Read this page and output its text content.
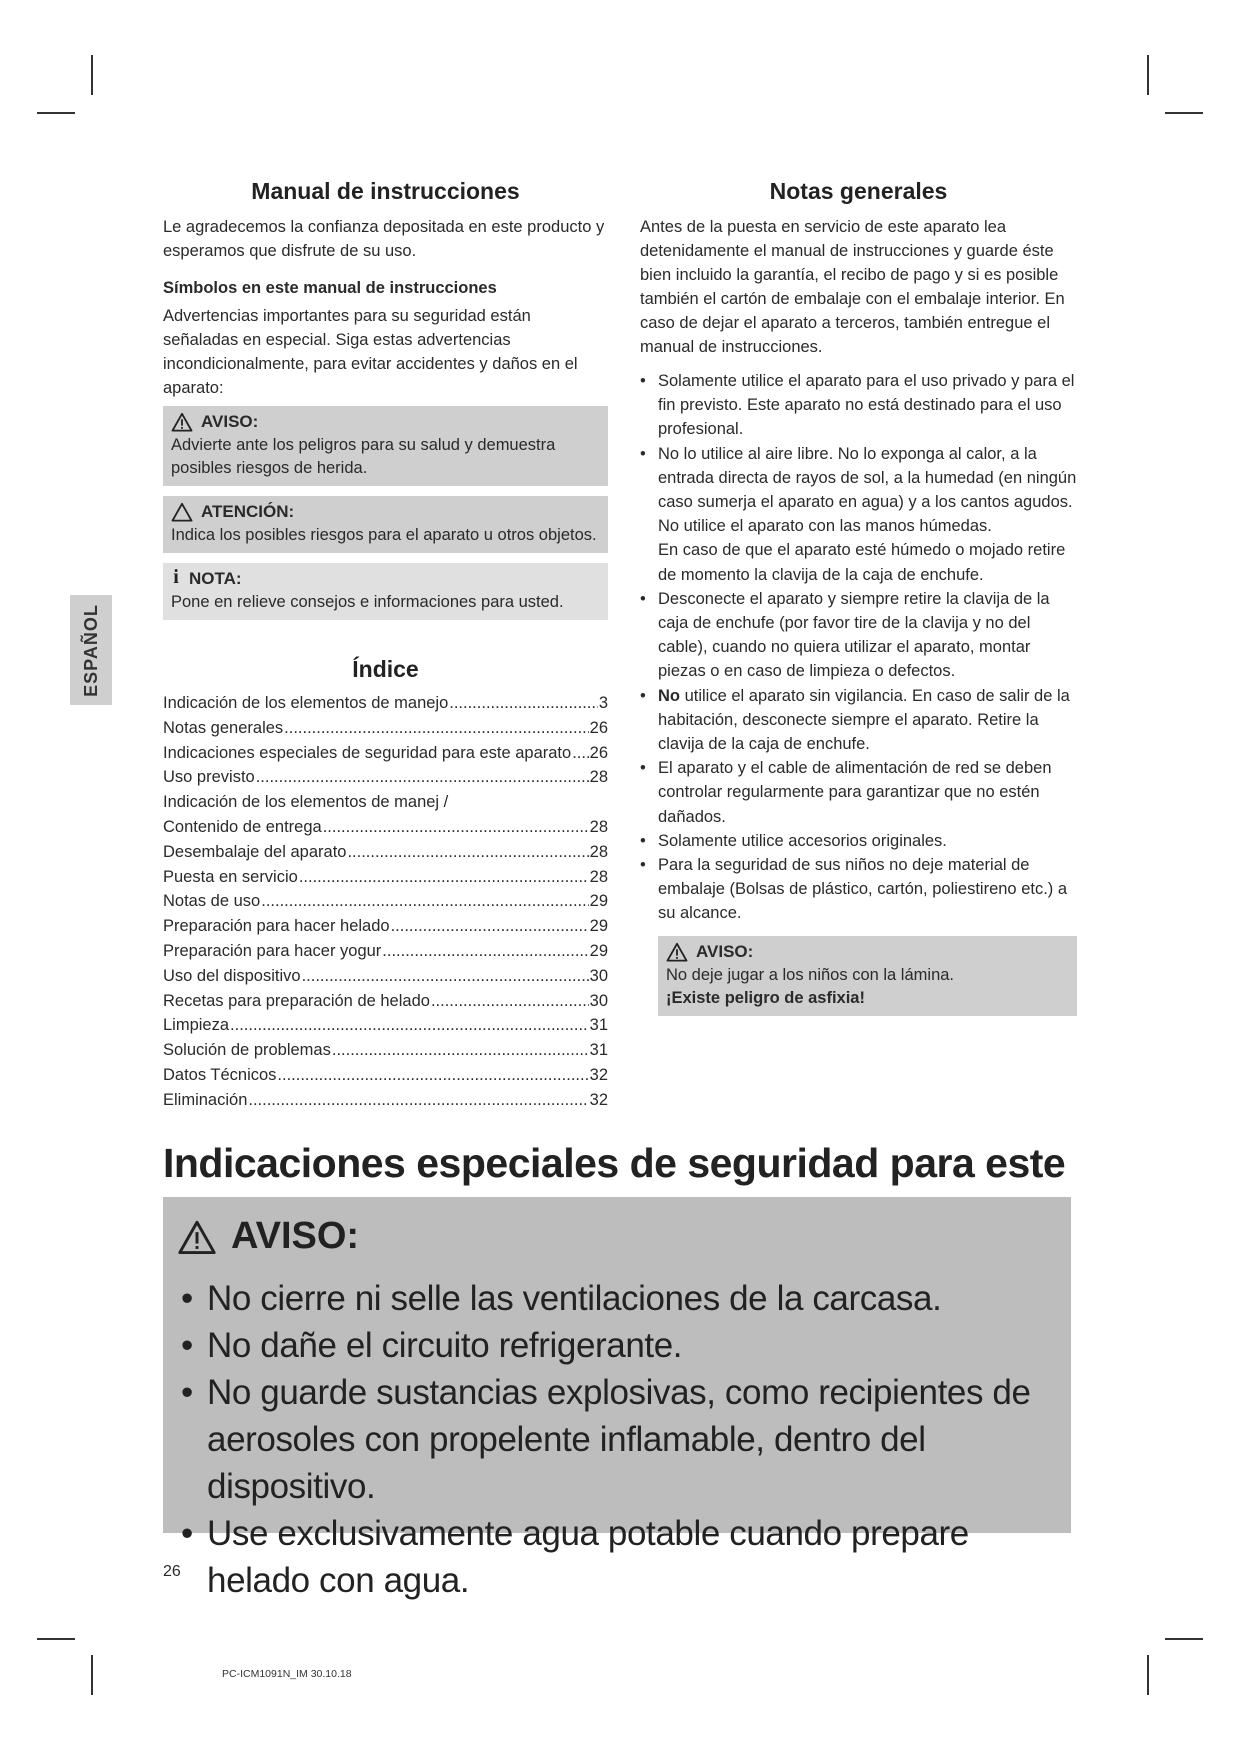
ESPAÑOL
Manual de instrucciones

Le agradecemos la confianza depositada en este producto y esperamos que disfrute de su uso.

Símbolos en este manual de instrucciones

Advertencias importantes para su seguridad están señaladas en especial. Siga estas advertencias incondicionalmente, para evitar accidentes y daños en el aparato:

AVISO:

Advierte ante los peligros para su salud y demuestra posibles riesgos de herida.

ATENCIÓN:

Indica los posibles riesgos para el aparato u otros objetos.

i NOTA:

Pone en relieve consejos e informaciones para usted.

Índice
Indicación de los elementos de manejo .....	3
Notas generales .....	26
Indicaciones especiales de seguridad para este aparato ..... 26
Uso previsto .....	28
Indicación de los elementos de manej /
Contenido de entrega .....	28
Desembalaje del aparato .....	28
Puesta en servicio .....	28
Notas de uso .....	29
Preparación para hacer helado .....	29
Preparación para hacer yogur .....	29
Uso del dispositivo .....	30
Recetas para preparación de helado .....	30
Limpieza .....	31
Solución de problemas .....	31
Datos Técnicos .....	32
Eliminación .....	32
Notas generales

Antes de la puesta en servicio de este aparato lea detenidamente el manual de instrucciones y guarde éste bien incluido la garantía, el recibo de pago y si es posible también el cartón de embalaje con el embalaje interior. En caso de dejar el aparato a terceros, también entregue el manual de instrucciones.

• Solamente utilice el aparato para el uso privado y para el fin previsto. Este aparato no está destinado para el uso profesional.
• No lo utilice al aire libre. No lo exponga al calor, a la entrada directa de rayos de sol, a la humedad (en ningún caso sumerja el aparato en agua) y a los cantos agudos. No utilice el aparato con las manos húmedas.
En caso de que el aparato esté húmedo o mojado retire de momento la clavija de la caja de enchufe.
• Desconecte el aparato y siempre retire la clavija de la caja de enchufe (por favor tire de la clavija y no del cable), cuando no quiera utilizar el aparato, montar piezas o en caso de limpieza o defectos.
• No utilice el aparato sin vigilancia. En caso de salir de la habitación, desconecte siempre el aparato. Retire la clavija de la caja de enchufe.
• El aparato y el cable de alimentación de red se deben controlar regularmente para garantizar que no estén dañados.
• Solamente utilice accesorios originales.
• Para la seguridad de sus niños no deje material de embalaje (Bolsas de plástico, cartón, poliestireno etc.) a su alcance.
AVISO:

No deje jugar a los niños con la lámina.

¡Existe peligro de asfixia!

Indicaciones especiales de seguridad para este
AVISO:
• No cierre ni selle las ventilaciones de la carcasa.
• No dañe el circuito refrigerante.
• No guarde sustancias explosivas, como recipientes de aerosoles con propelente inflamable, dentro del dispositivo.
• Use exclusivamente agua potable cuando prepare helado con agua.
26
PC-ICM1091N_IM 30.10.18
